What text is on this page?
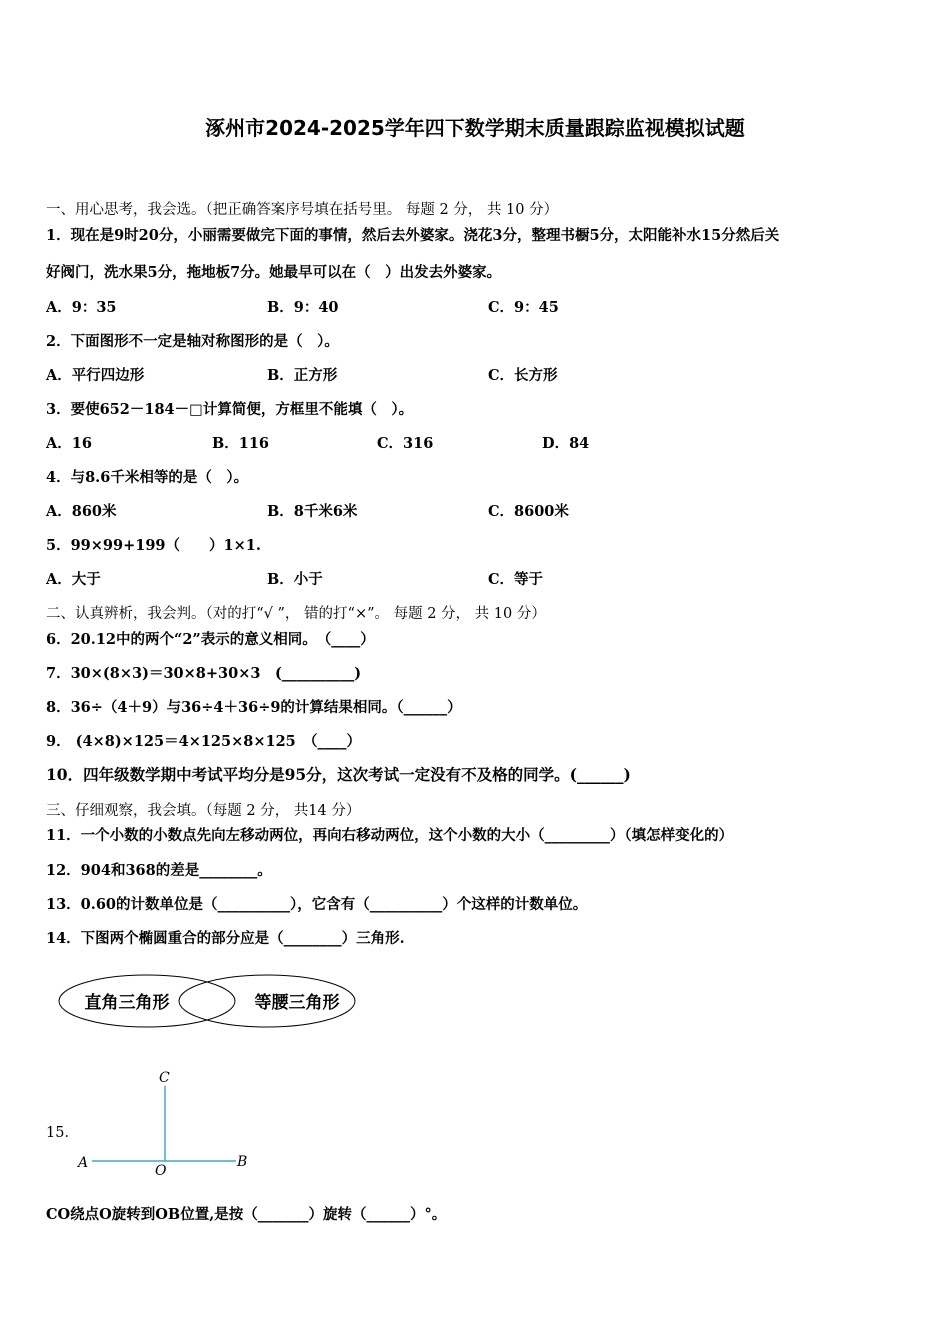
涿州市2024-2025学年四下数学期末质量跟踪监视模拟试题
一、用心思考，我会选。（把正确答案序号填在括号里。 每题 2 分， 共 10 分）
1．现在是9时20分，小丽需要做完下面的事情，然后去外婆家。浇花3分，整理书橱5分，太阳能补水15分然后关
好阀门，洗水果5分，拖地板7分。她最早可以在（　）出发去外婆家。
A．9：35	B．9：40	C．9：45
2．下面图形不一定是轴对称图形的是（　）。
A．平行四边形	B．正方形	C．长方形
3．要使652－184－□计算简便，方框里不能填（　）。
A．16	B．116	C．316	D．84
4．与8.6千米相等的是（　）。
A．860米	B．8千米6米	C．8600米
5．99×99+199（　　）1×1.
A．大于	B．小于	C．等于
二、认真辨析，我会判。（对的打“√ ”， 错的打“×”。 每题 2 分， 共 10 分）
6．20.12中的两个“2”表示的意义相同。　（____）
7．30×(8×3)＝30×8+30×3　(__________)
8．36÷（4＋9）与36÷4＋36÷9的计算结果相同。（______）
9． (4×8)×125＝4×125×8×125　（____）
10．四年级数学期中考试平均分是95分，这次考试一定没有不及格的同学。(______)
三、仔细观察，我会填。（每题 2 分， 共14 分）
11．一个小数的小数点先向左移动两位，再向右移动两位，这个小数的大小（_________）（填怎样变化的）
12．904和368的差是________。
13．0.60的计数单位是（__________），它含有（__________）个这样的计数单位。
14．下图两个椭圆重合的部分应是（________）三角形.
直角三角形	等腰三角形
15．
C
A	O
B
CO绕点O旋转到OB位置,是按（_______）旋转（______）°。
